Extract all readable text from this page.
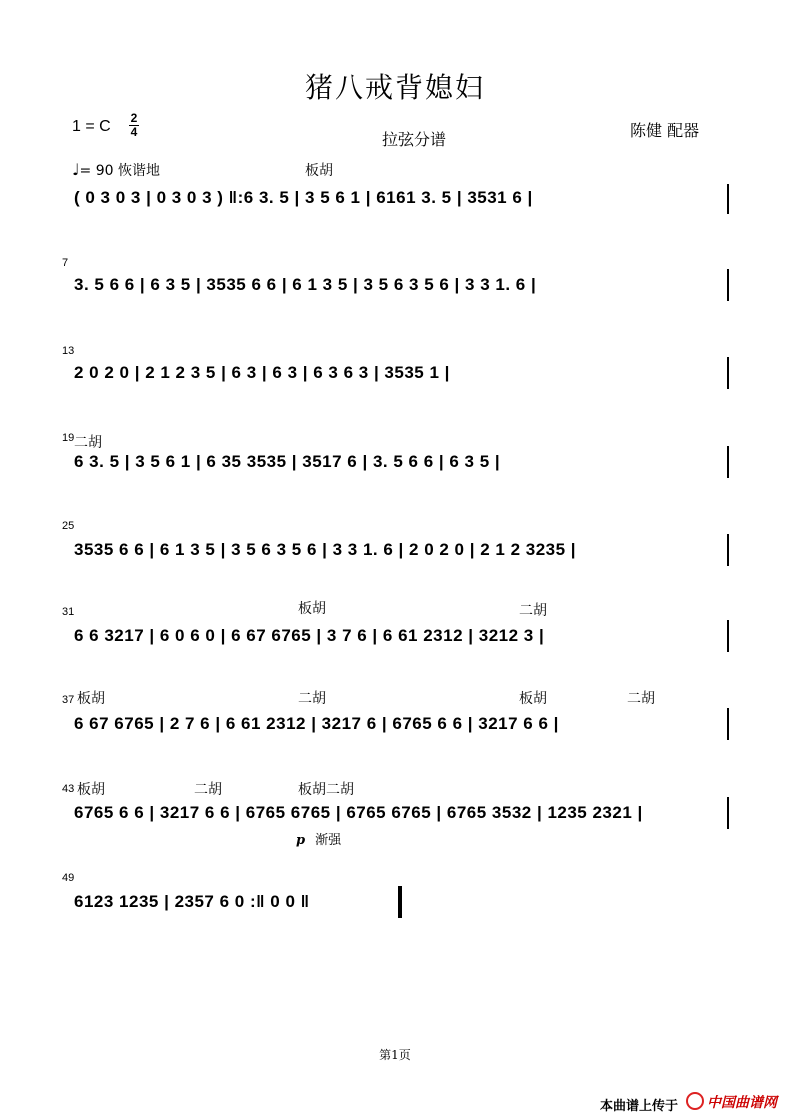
猪八戒背媳妇
1 = C 2
4	拉弦分谱	陈健 配器
♩= 90 恢谐地	板胡
( 0 3 0 3 | 0 3 0 3 ) ‖:6 3. 5 | 3 5 6 1 | 6161 3. 5 | 3531 6 |
7
3. 5 6 6 | 6 3 5 | 3535 6 6 | 6 1 3 5 | 3 5 6 3 5 6 | 3 3 1. 6 |
13
2 0 2 0 | 2 1 2 3 5 | 6 3 | 6 3 | 6 3 6 3 | 3535 1 |
19 二胡
6 3. 5 | 3 5 6 1 | 6 35 3535 | 3517 6 | 3. 5 6 6 | 6 3 5 |
25
3535 6 6 | 6 1 3 5 | 3 5 6 3 5 6 | 3 3 1. 6 | 2 0 2 0 | 2 1 2 3235 |
31	板胡	二胡
6 6 3217 | 6 0 6 0 | 6 67 6765 | 3 7 6 | 6 61 2312 | 3212 3 |
37 板胡	二胡	板胡	二胡
6 67 6765 | 2 7 6 | 6 61 2312 | 3217 6 | 6765 6 6 | 3217 6 6 |
43 板胡	二胡	板胡二胡
6765 6 6 | 3217 6 6 | 6765 6765 | 6765 6765 | 6765 3532 | 1235 2321 |
p 渐强
49
6123 1235 | 2357 6 0 :‖ 0 0 ‖
第1页
本曲谱上传于	中国曲谱网
